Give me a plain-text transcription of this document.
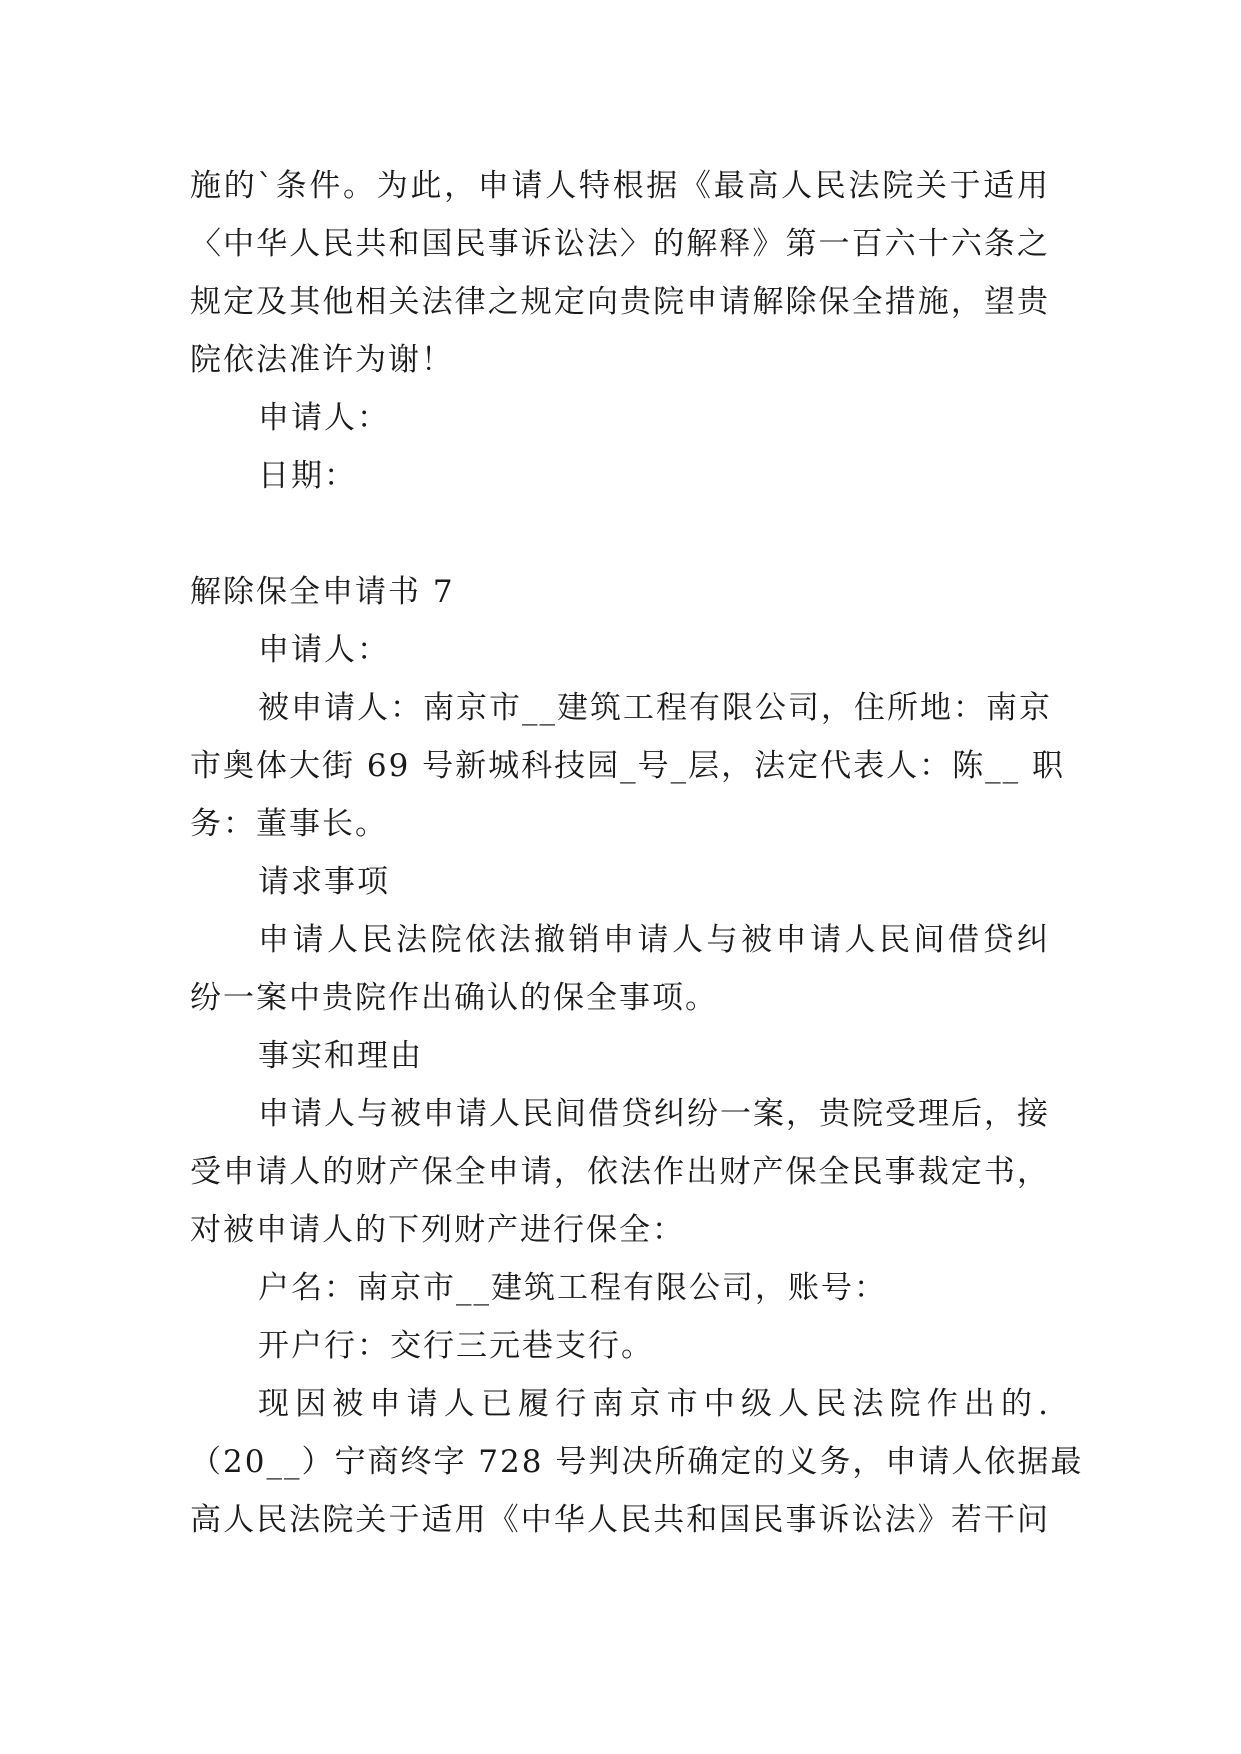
施的`条件。为此，申请人特根据《最高人民法院关于适用
〈中华人民共和国民事诉讼法〉的解释》第一百六十六条之
规定及其他相关法律之规定向贵院申请解除保全措施，望贵
院依法准许为谢！
申请人：
日期：
解除保全申请书 7
申请人：
被申请人：南京市__建筑工程有限公司，住所地：南京
市奥体大街 69 号新城科技园_号_层，法定代表人：陈__ 职
务：董事长。
请求事项
申请人民法院依法撤销申请人与被申请人民间借贷纠
纷一案中贵院作出确认的保全事项。
事实和理由
申请人与被申请人民间借贷纠纷一案，贵院受理后，接
受申请人的财产保全申请，依法作出财产保全民事裁定书，
对被申请人的下列财产进行保全：
户名：南京市__建筑工程有限公司，账号：
开户行：交行三元巷支行。
现因被申请人已履行南京市中级人民法院作出的.
（20__）宁商终字 728 号判决所确定的义务，申请人依据最
高人民法院关于适用《中华人民共和国民事诉讼法》若干问
